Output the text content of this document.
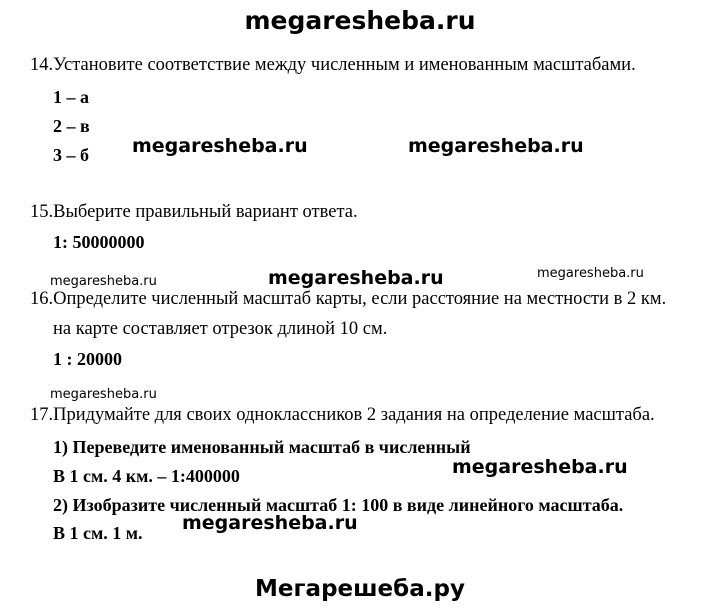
megaresheba.ru
14.Установите соответствие между численным и именованным масштабами.
1 – а
2 – в
3 – б megaresheba.ru	megaresheba.ru
15.Выберите правильный вариант ответа.
1: 50000000
megaresheba.ru	megaresheba.ru	megaresheba.ru
16.Определите численный масштаб карты, если расстояние на местности в 2 км.
на карте составляет отрезок длиной 10 см.
1 : 20000
megaresheba.ru
17.Придумайте для своих одноклассников 2 задания на определение масштаба.
1) Переведите именованный масштаб в численный
В 1 см. 4 км. – 1:400000	megaresheba.ru
2) Изобразите численный масштаб 1: 100 в виде линейного масштаба.
megaresheba.ru
В 1 см. 1 м.
Мегарешеба.ру
